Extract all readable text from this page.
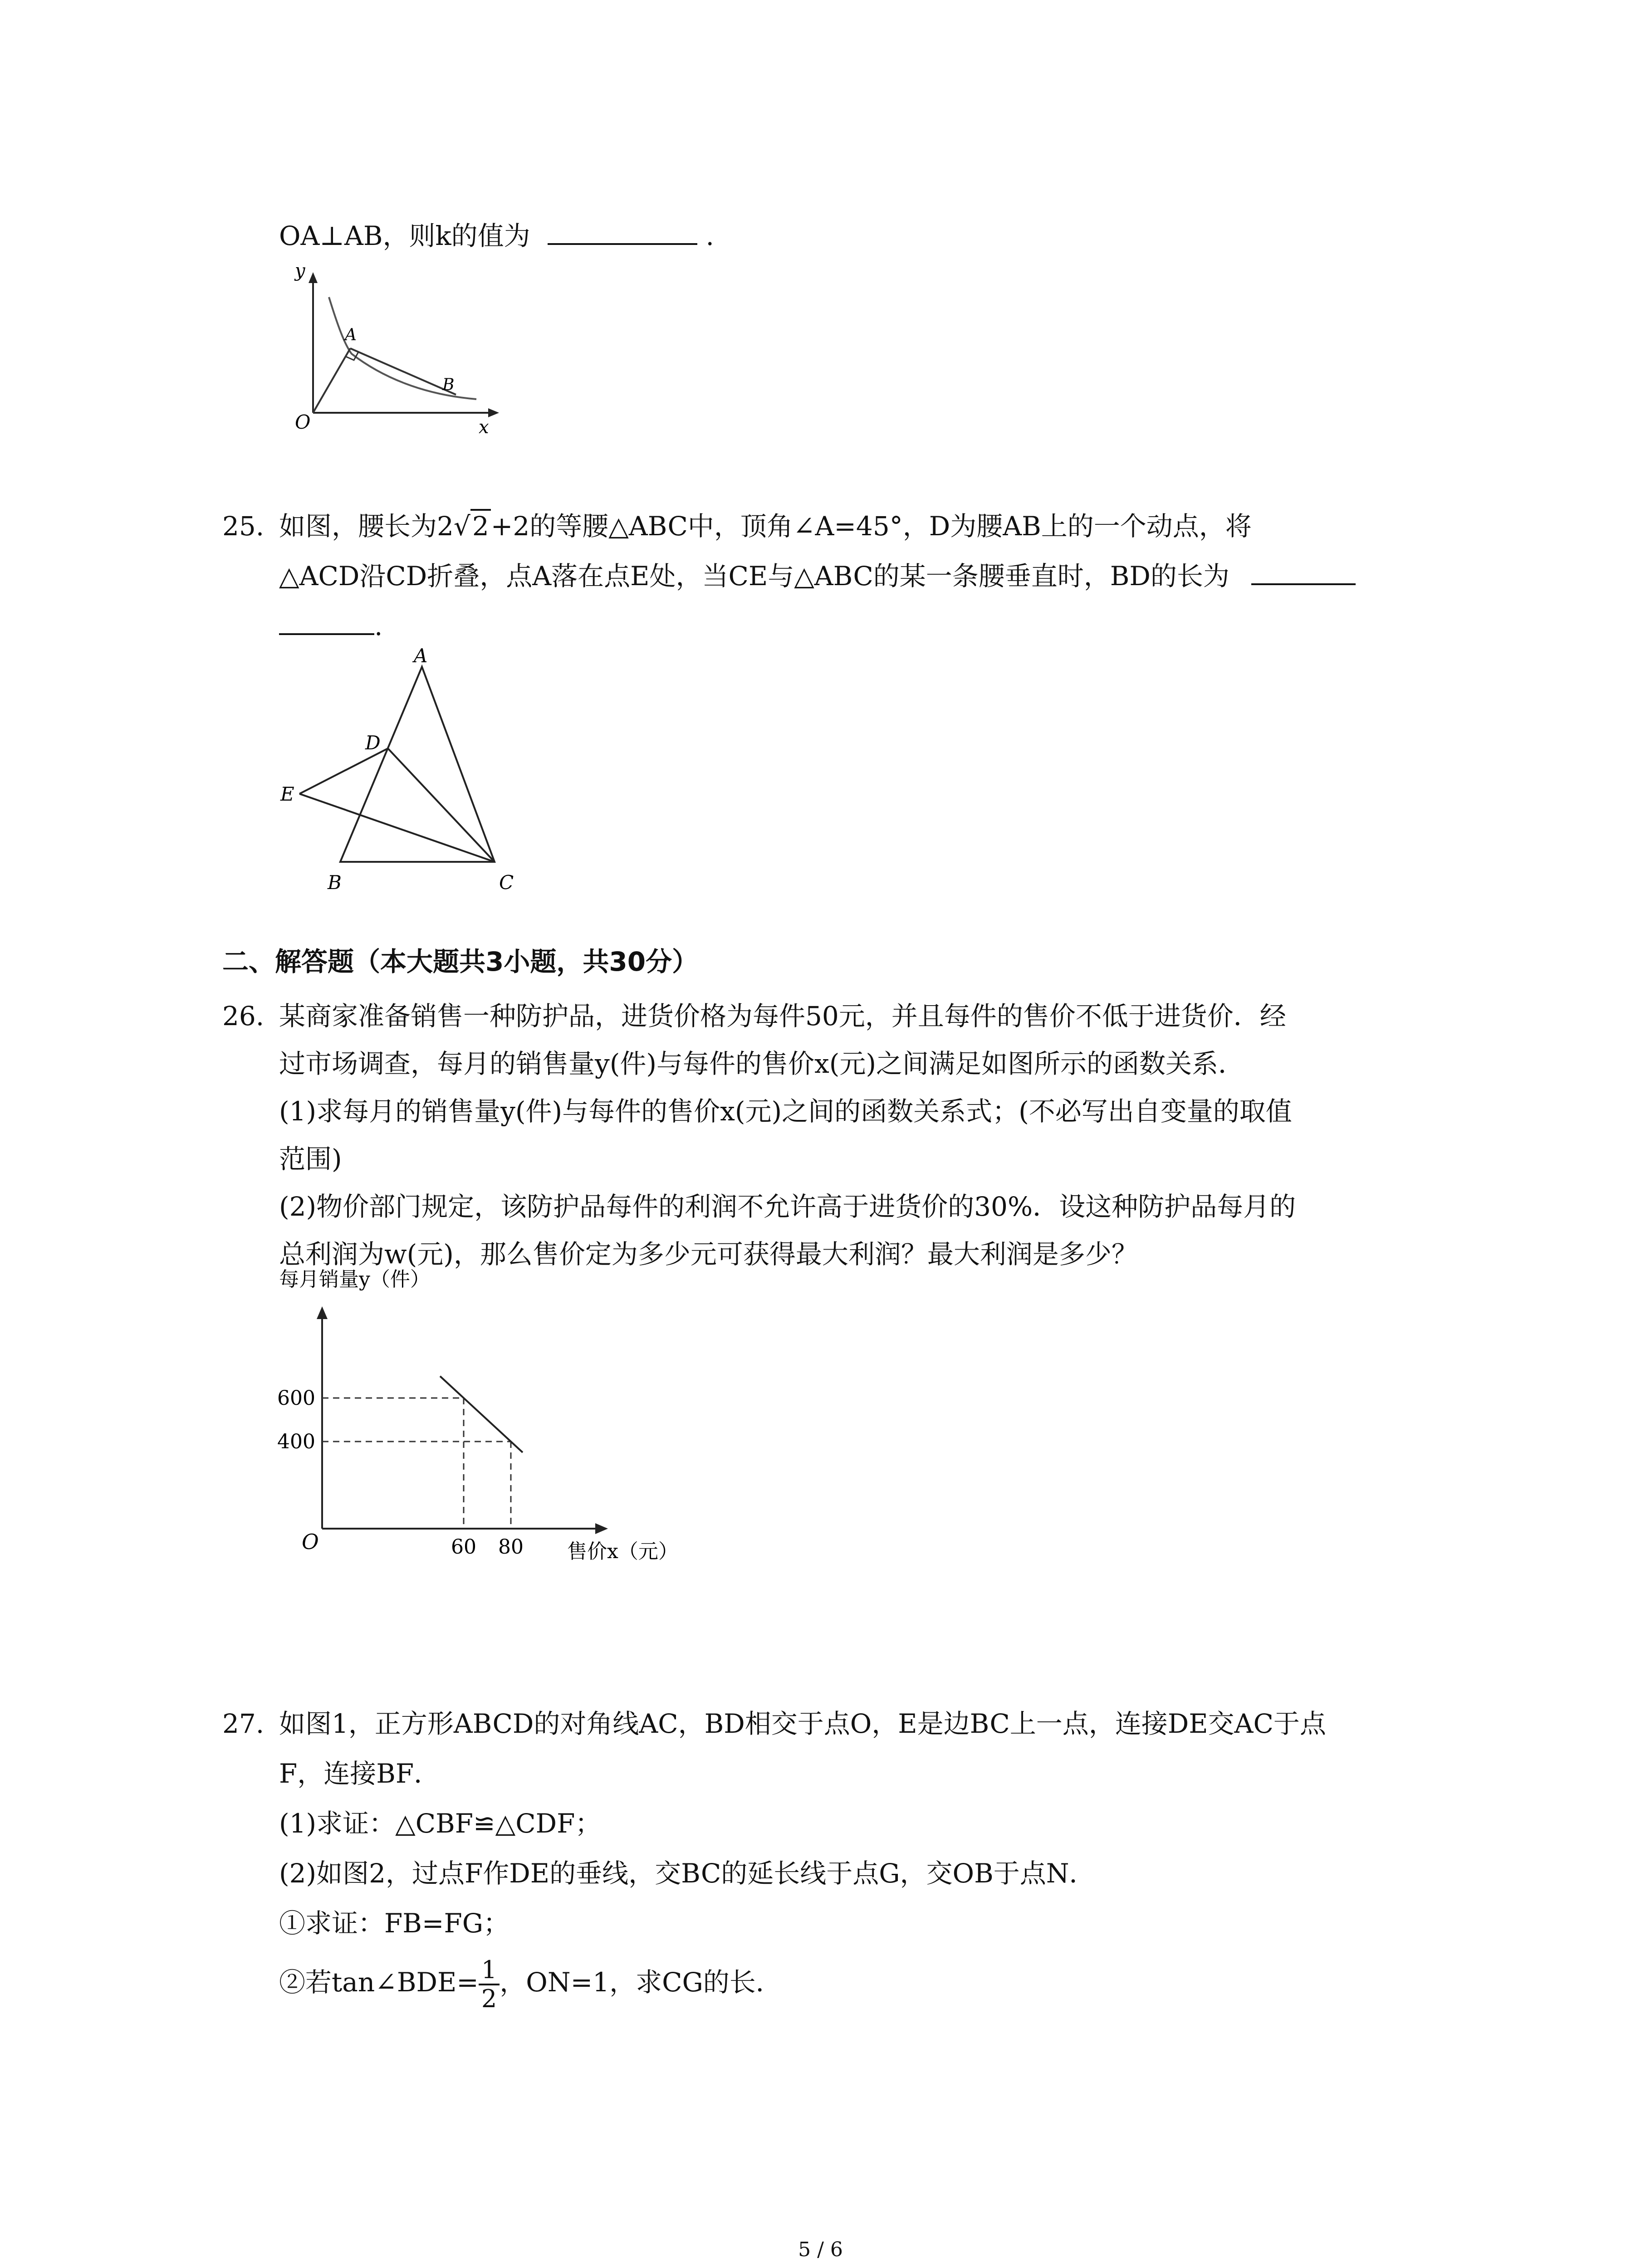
OA⊥AB，则k的值为	.
y
x
O
A
B
25. 如图，腰长为2√2+2的等腰△ABC中，顶角∠A=45°，D为腰AB上的一个动点，将
△ACD沿CD折叠，点A落在点E处，当CE与△ABC的某一条腰垂直时，BD的长为
.
A
D
E
B	C
二、解答题（本大题共3小题，共30分）
26. 某商家准备销售一种防护品，进货价格为每件50元，并且每件的售价不低于进货价．经
过市场调查，每月的销售量y(件)与每件的售价x(元)之间满足如图所示的函数关系．
(1)求每月的销售量y(件)与每件的售价x(元)之间的函数关系式；(不必写出自变量的取值
范围)
(2)物价部门规定，该防护品每件的利润不允许高于进货价的30%．设这种防护品每月的
总利润为w(元)，那么售价定为多少元可获得最大利润？最大利润是多少？
每月销量y（件）
O	售价x（元）
60 80
600
400
27. 如图1，正方形ABCD的对角线AC，BD相交于点O，E是边BC上一点，连接DE交AC于点
F，连接BF．
(1)求证：△CBF≌△CDF；
(2)如图2，过点F作DE的垂线，交BC的延长线于点G，交OB于点N．
①求证：FB=FG；
②若tan∠BDE= $\frac{1}{2}$ ，ON=1，求CG的长．
5 / 6
